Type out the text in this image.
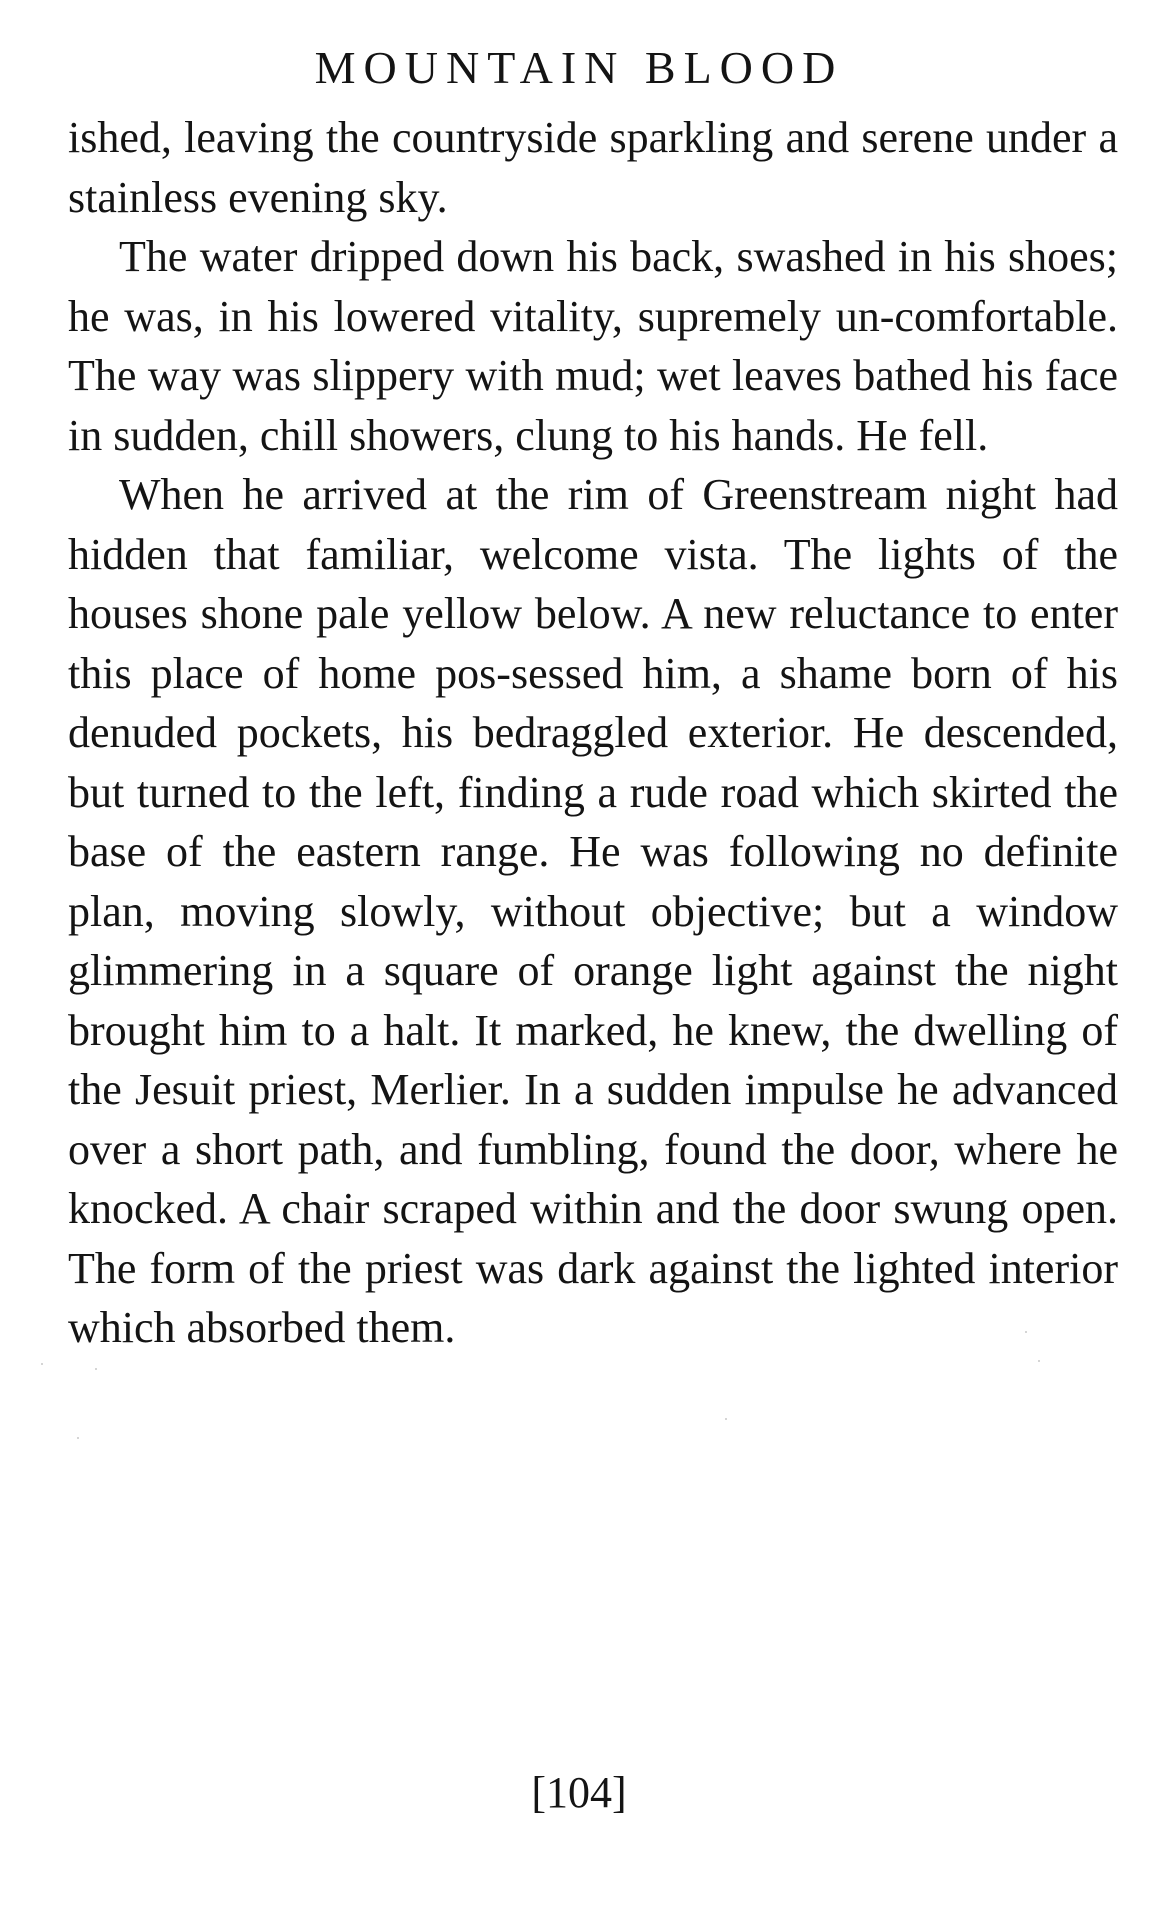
MOUNTAIN BLOOD

ished, leaving the countryside sparkling and serene under a stainless evening sky.

The water dripped down his back, swashed in his shoes; he was, in his lowered vitality, supremely un-comfortable. The way was slippery with mud; wet leaves bathed his face in sudden, chill showers, clung to his hands. He fell.

When he arrived at the rim of Greenstream night had hidden that familiar, welcome vista. The lights of the houses shone pale yellow below. A new reluctance to enter this place of home pos-sessed him, a shame born of his denuded pockets, his bedraggled exterior. He descended, but turned to the left, finding a rude road which skirted the base of the eastern range. He was following no definite plan, moving slowly, without objective; but a window glimmering in a square of orange light against the night brought him to a halt. It marked, he knew, the dwelling of the Jesuit priest, Merlier. In a sudden impulse he advanced over a short path, and fumbling, found the door, where he knocked. A chair scraped within and the door swung open. The form of the priest was dark against the lighted interior which absorbed them.

[104]
